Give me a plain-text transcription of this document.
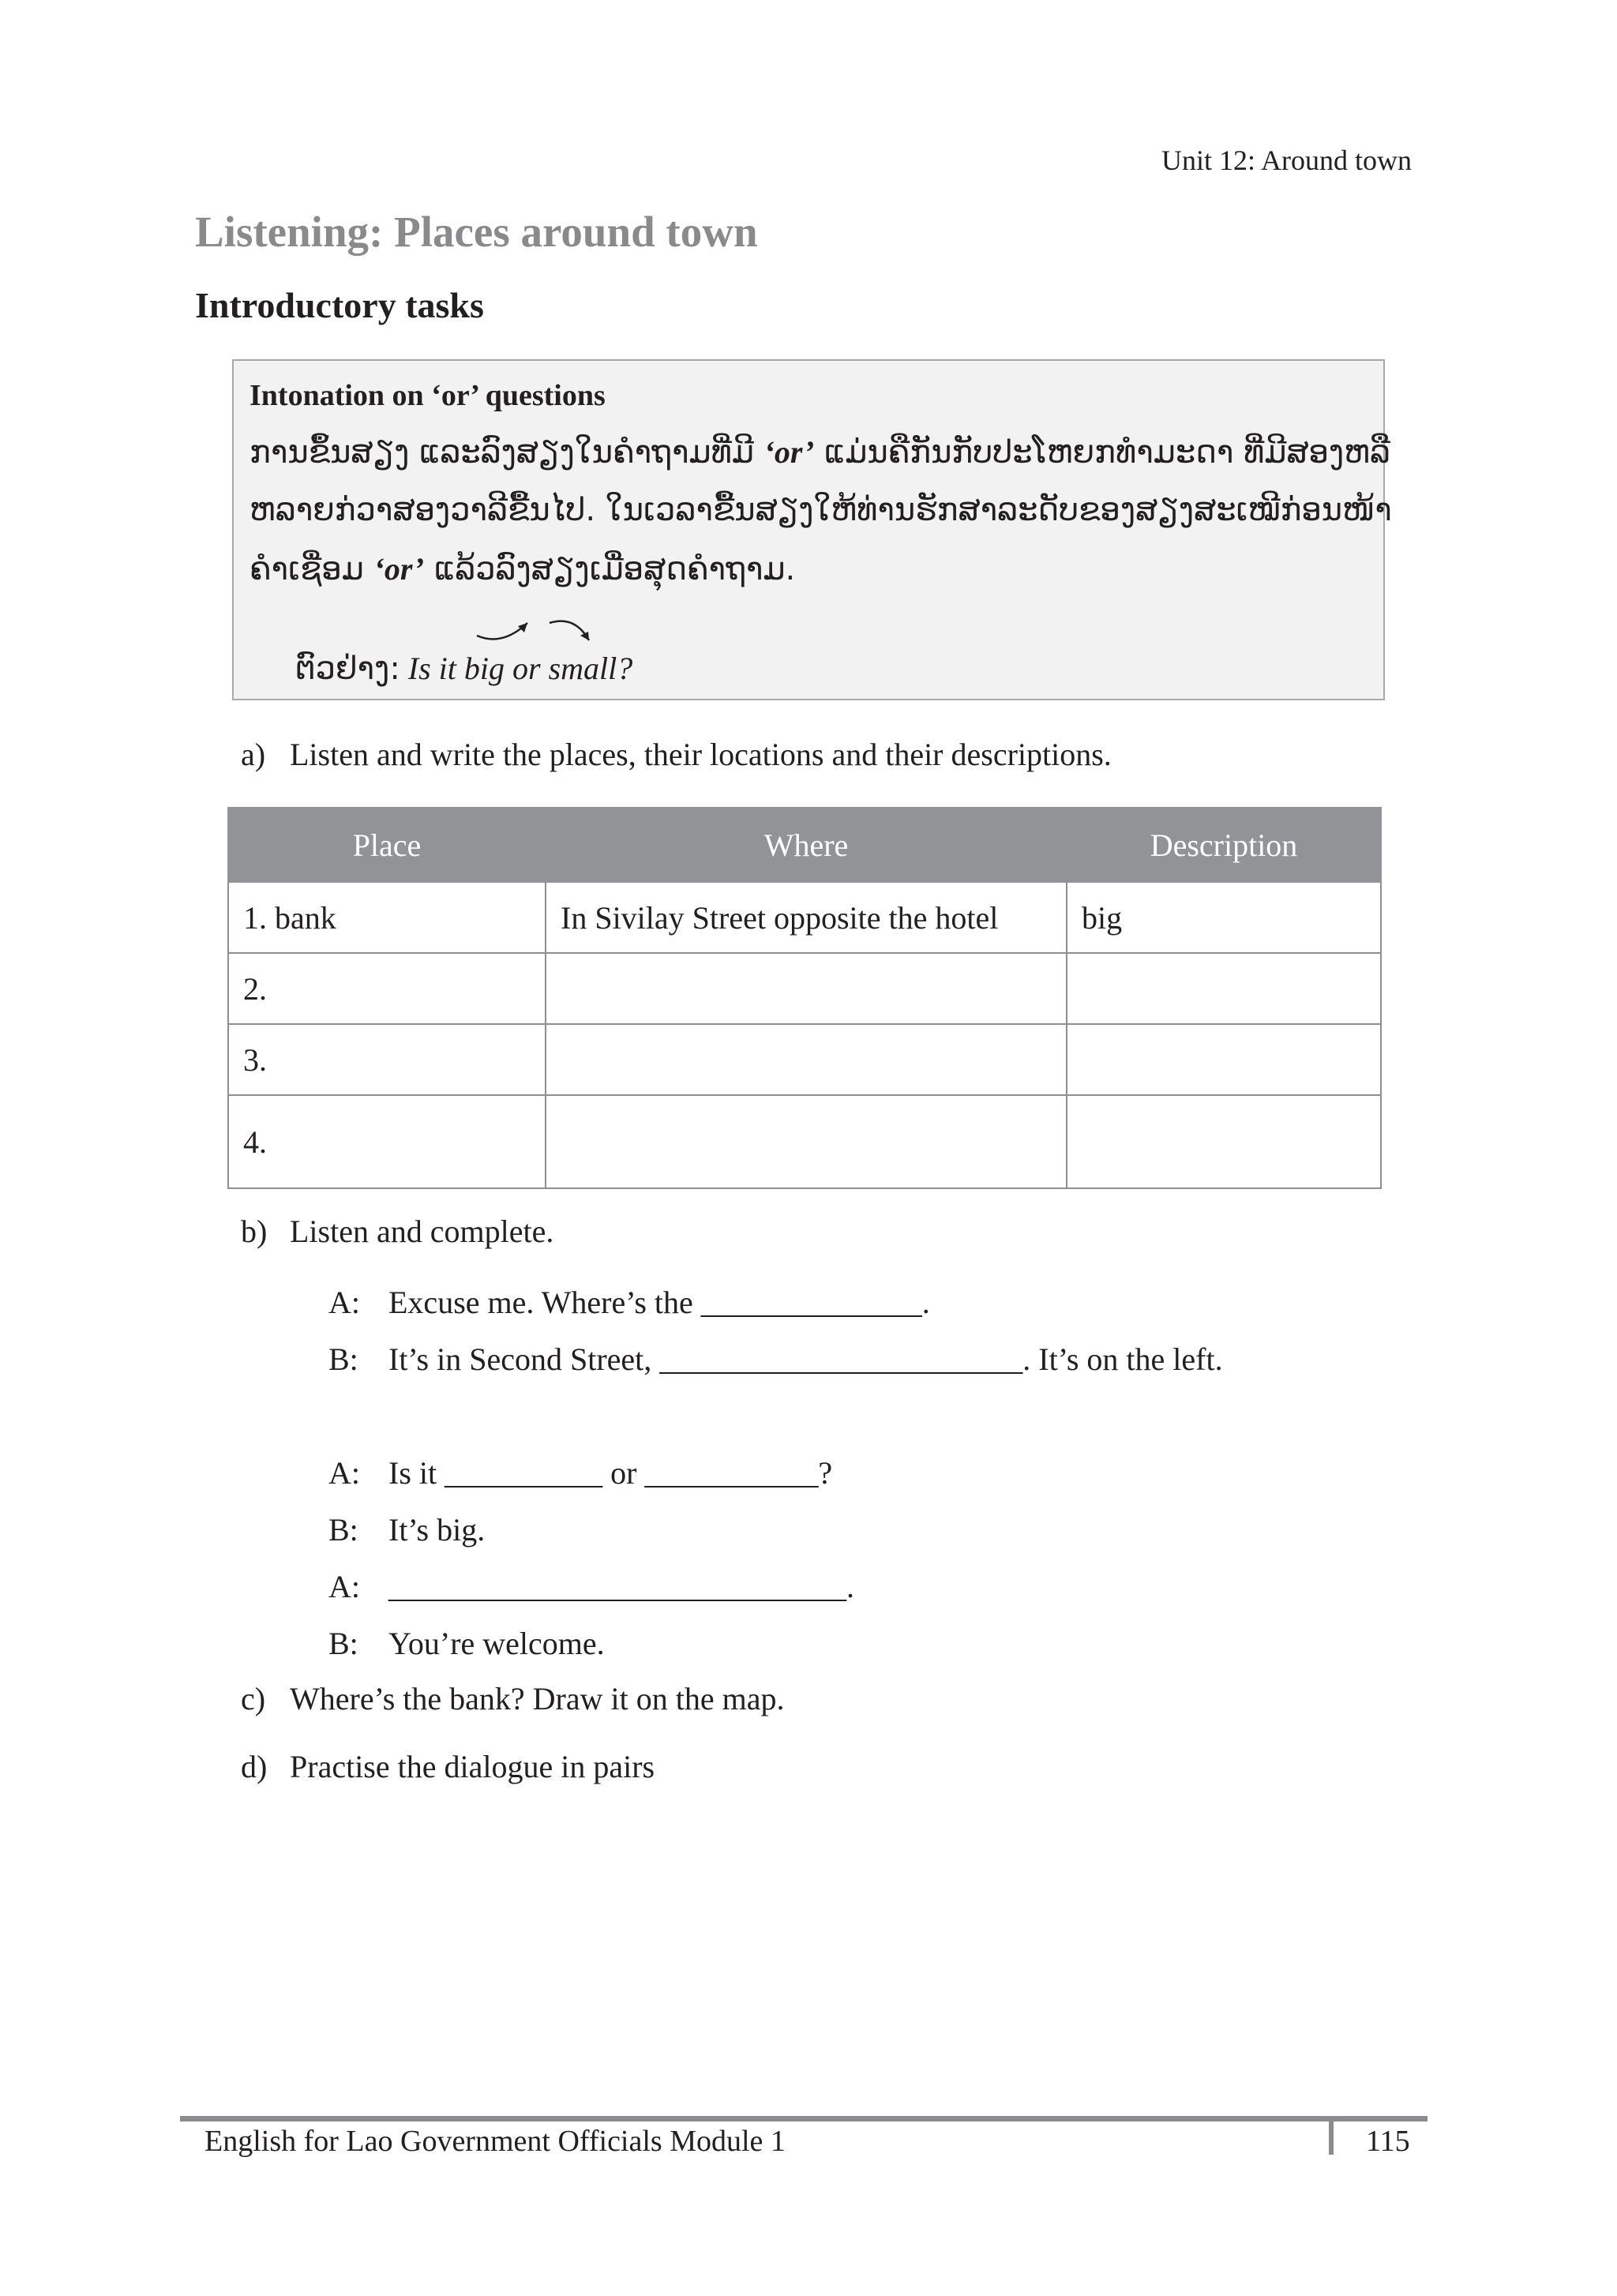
Unit 12: Around town
Listening: Places around town
Introductory tasks
Intonation on ‘or’ questions
ການຂຶ້ນສຽງ ແລະລົງສຽງໃນຄຳຖາມທີ່ມີ ‘or’ ແມ່ນຄືກັນກັບປະໂຫຍກທຳມະດາ ທີ່ມີສອງຫລື
ຫລາຍກ່ວາສອງວາລີຂື້ນໄປ. ໃນເວລາຂື້ນສຽງໃຫ້ທ່ານຮັກສາລະດັບຂອງສຽງສະເໝີກ່ອນໜ້າ
ຄຳເຊື່ອມ ‘or’ ແລ້ວລົງສຽງເມື່ອສຸດຄຳຖາມ.
ຕົວຢ່າງ: Is it big or small?
a) Listen and write the places, their locations and their descriptions.
Place	Where	Description
1. bank	In Sivilay Street opposite the hotel	big
2.		
3.		
4.		
b) Listen and complete.
A: Excuse me. Where’s the ______________.
B: It’s in Second Street, _______________________. It’s on the left.
A: Is it __________ or ___________?
B: It’s big.
A: _____________________________.
B: You’re welcome.
c) Where’s the bank? Draw it on the map.
d) Practise the dialogue in pairs
English for Lao Government Officials Module 1	115
